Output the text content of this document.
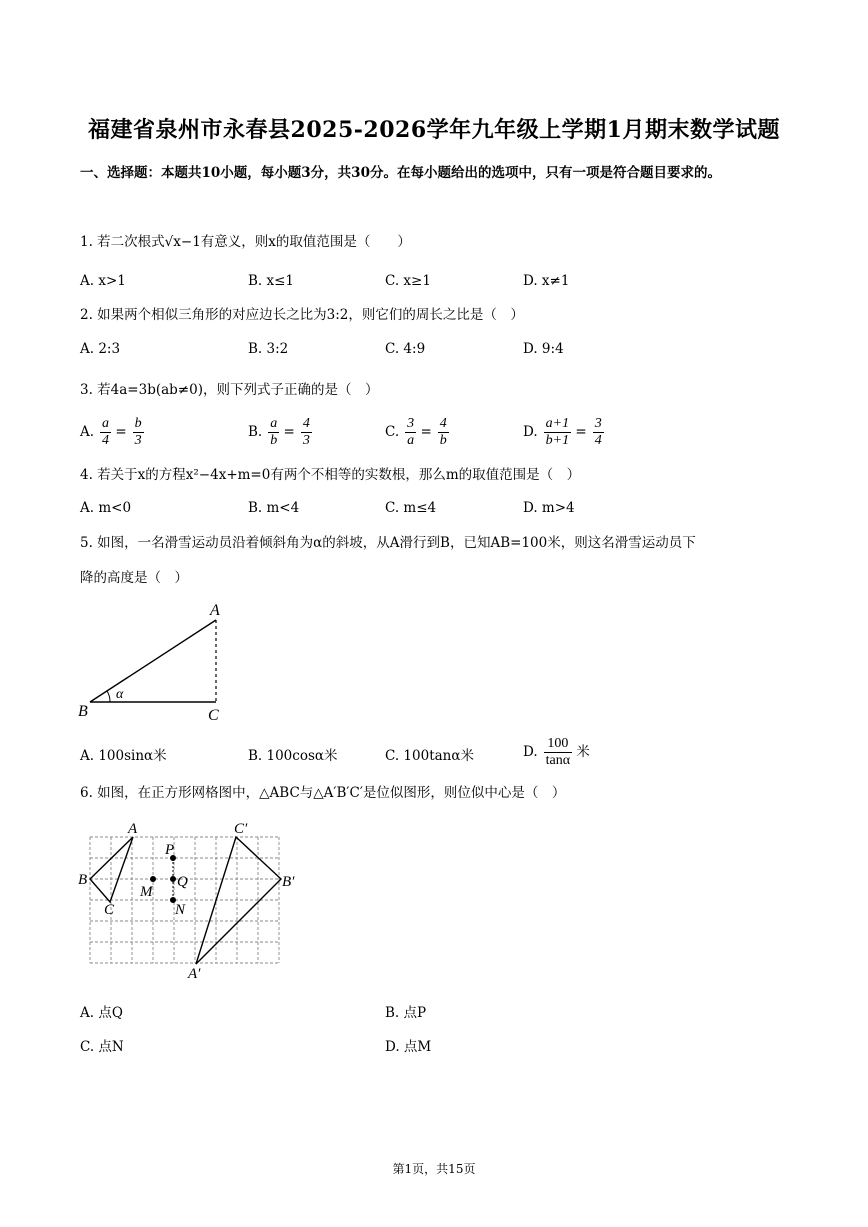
福建省泉州市永春县2025-2026学年九年级上学期1月期末数学试题
一、选择题：本题共10小题，每小题3分，共30分。在每小题给出的选项中，只有一项是符合题目要求的。
1. 若二次根式√x−1有意义，则x的取值范围是（　　）
A. x>1	B. x≤1	C. x≥1	D. x≠1
2. 如果两个相似三角形的对应边长之比为3:2，则它们的周长之比是（　）
A. 2:3	B. 3:2	C. 4:9	D. 9:4
3. 若4a=3b(ab≠0)，则下列式子正确的是（　）
A. $\frac{a}{4} = \frac{b}{3}$	B. $\frac{a}{b} = \frac{4}{3}$	C. $\frac{3}{a} = \frac{4}{b}$	D. $\frac{a+1}{b+1} = \frac{3}{4}$
4. 若关于x的方程x²−4x+m=0有两个不相等的实数根，那么m的取值范围是（　）
A. m<0	B. m<4	C. m≤4	D. m>4
5. 如图，一名滑雪运动员沿着倾斜角为α的斜坡，从A滑行到B，已知AB=100米，则这名滑雪运动员下
降的高度是（　）
A
B	C
α
A. 100sinα米	B. 100cosα米	C. 100tanα米	D. $\frac{100}{\tan\alpha}$ 米
6. 如图，在正方形网格图中，△ABC与△A′B′C′是位似图形，则位似中心是（　）
A
B
C
C′
B′
A′
P
Q
N
M
A. 点Q	B. 点P
C. 点N	D. 点M
第1页，共15页
